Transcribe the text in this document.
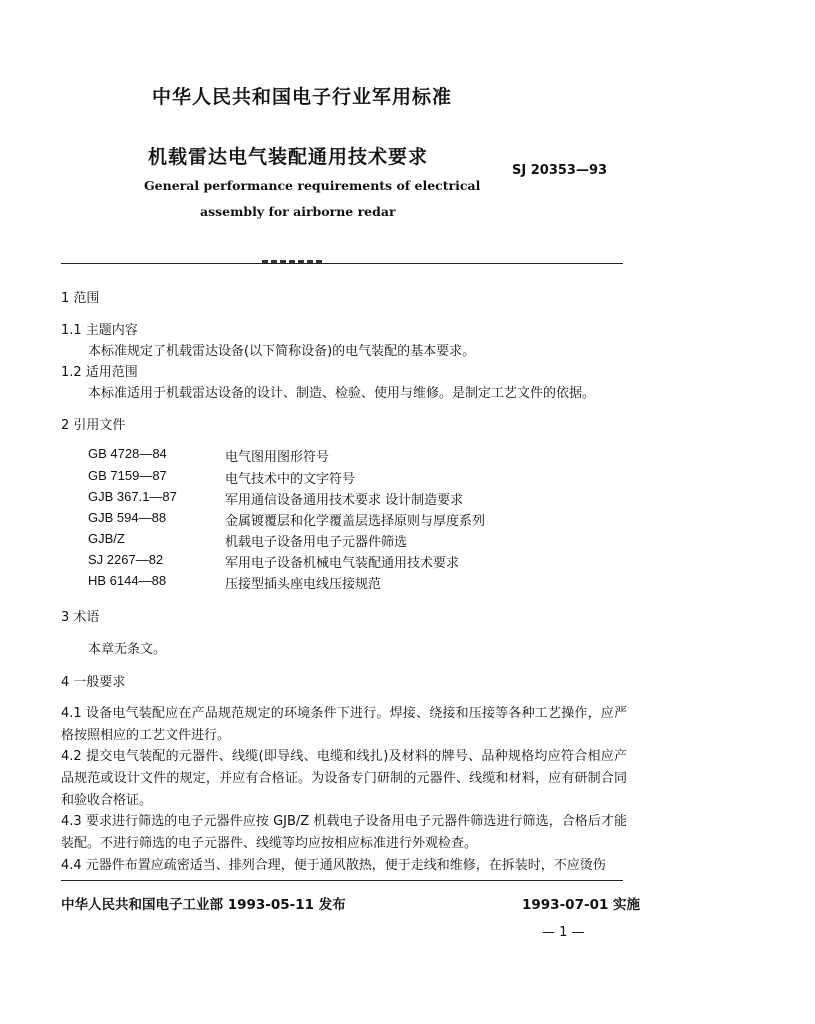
中华人民共和国电子行业军用标准
机载雷达电气装配通用技术要求
SJ 20353—93
General performance requirements of electrical
assembly for airborne redar
1 范围
1.1 主题内容
本标准规定了机载雷达设备(以下简称设备)的电气装配的基本要求。
1.2 适用范围
本标准适用于机载雷达设备的设计、制造、检验、使用与维修。是制定工艺文件的依据。
2 引用文件
GB 4728—84	电气图用图形符号
GB 7159—87	电气技术中的文字符号
GJB 367.1—87	军用通信设备通用技术要求 设计制造要求
GJB 594—88	金属镀覆层和化学覆盖层选择原则与厚度系列
GJB/Z	机载电子设备用电子元器件筛选
SJ 2267—82	军用电子设备机械电气装配通用技术要求
HB 6144—88	压接型插头座电线压接规范
3 术语
本章无条文。
4 一般要求
4.1 设备电气装配应在产品规范规定的环境条件下进行。焊接、绕接和压接等各种工艺操作，应严格按照相应的工艺文件进行。
4.2 提交电气装配的元器件、线缆(即导线、电缆和线扎)及材料的牌号、品种规格均应符合相应产品规范或设计文件的规定，并应有合格证。为设备专门研制的元器件、线缆和材料，应有研制合同和验收合格证。
4.3 要求进行筛选的电子元器件应按 GJB/Z 机载电子设备用电子元器件筛选进行筛选，合格后才能装配。不进行筛选的电子元器件、线缆等均应按相应标准进行外观检查。
4.4 元器件布置应疏密适当、排列合理，便于通风散热，便于走线和维修，在拆装时，不应烫伤
中华人民共和国电子工业部 1993-05-11 发布	1993-07-01 实施
— 1 —
